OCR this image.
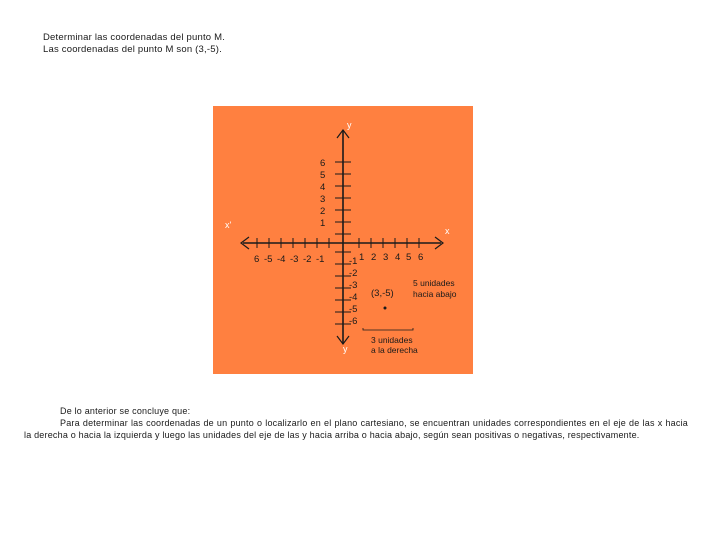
Determinar las coordenadas del punto M.
Las coordenadas del punto M son (3,-5).
y
y
x'
x
6
5
4
3
2
1
-1
-2
-3
-4
-5
-6
6 -5 -4 -3 -2 -1	1 2 3 4 5 6
(3,-5)
5 unidades
hacia abajo
3 unidades
a la derecha
De lo anterior se concluye que:
Para determinar las coordenadas de un punto o localizarlo en el plano cartesiano, se encuentran unidades correspondientes en el eje de las x hacia la derecha o hacia la izquierda y luego las unidades del eje de las y hacia arriba o hacia abajo, según sean positivas o negativas, respectivamente.
